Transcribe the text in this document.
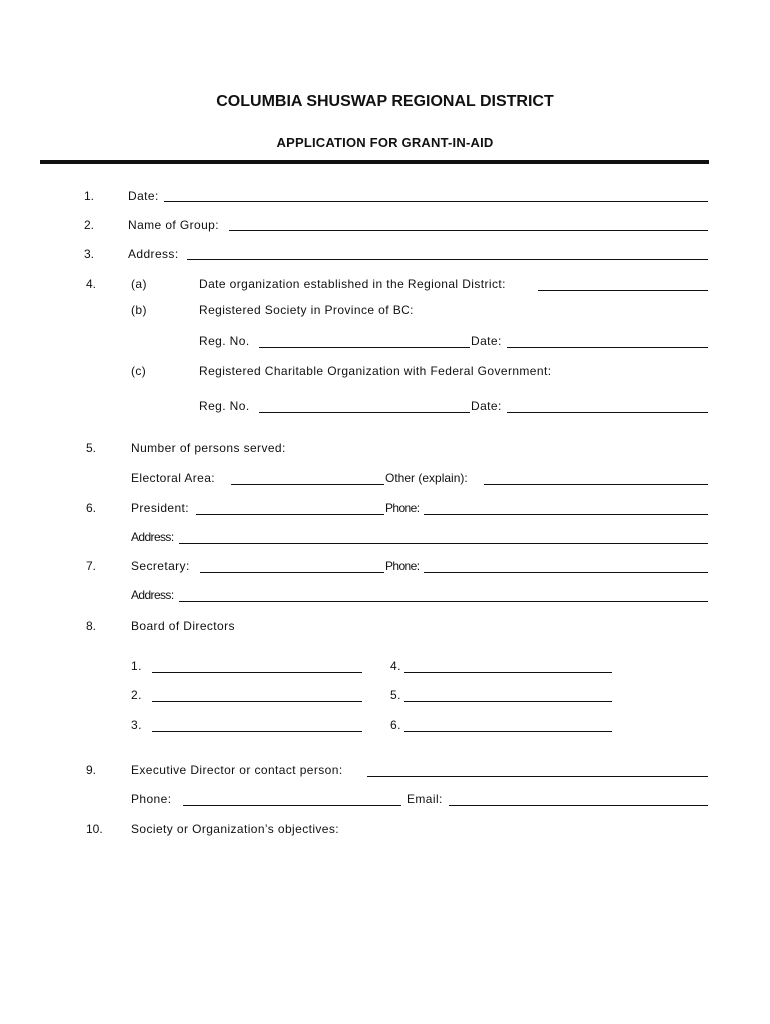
COLUMBIA SHUSWAP REGIONAL DISTRICT
APPLICATION FOR GRANT-IN-AID
1.	Date:
2.	Name of Group:
3.	Address:
4.	(a)	Date organization established in the Regional District:
(b)	Registered Society in Province of BC:
Reg. No.	Date:
(c)	Registered Charitable Organization with Federal Government:
Reg. No.	Date:
5.	Number of persons served:
Electoral Area:	Other (explain):
6.	President:	Phone:
Address:
7.	Secretary:	Phone:
Address:
8.	Board of Directors
1.	4.
2.	5.
3.	6.
9.	Executive Director or contact person:
Phone:	Email:
10. Society or Organization’s objectives:
